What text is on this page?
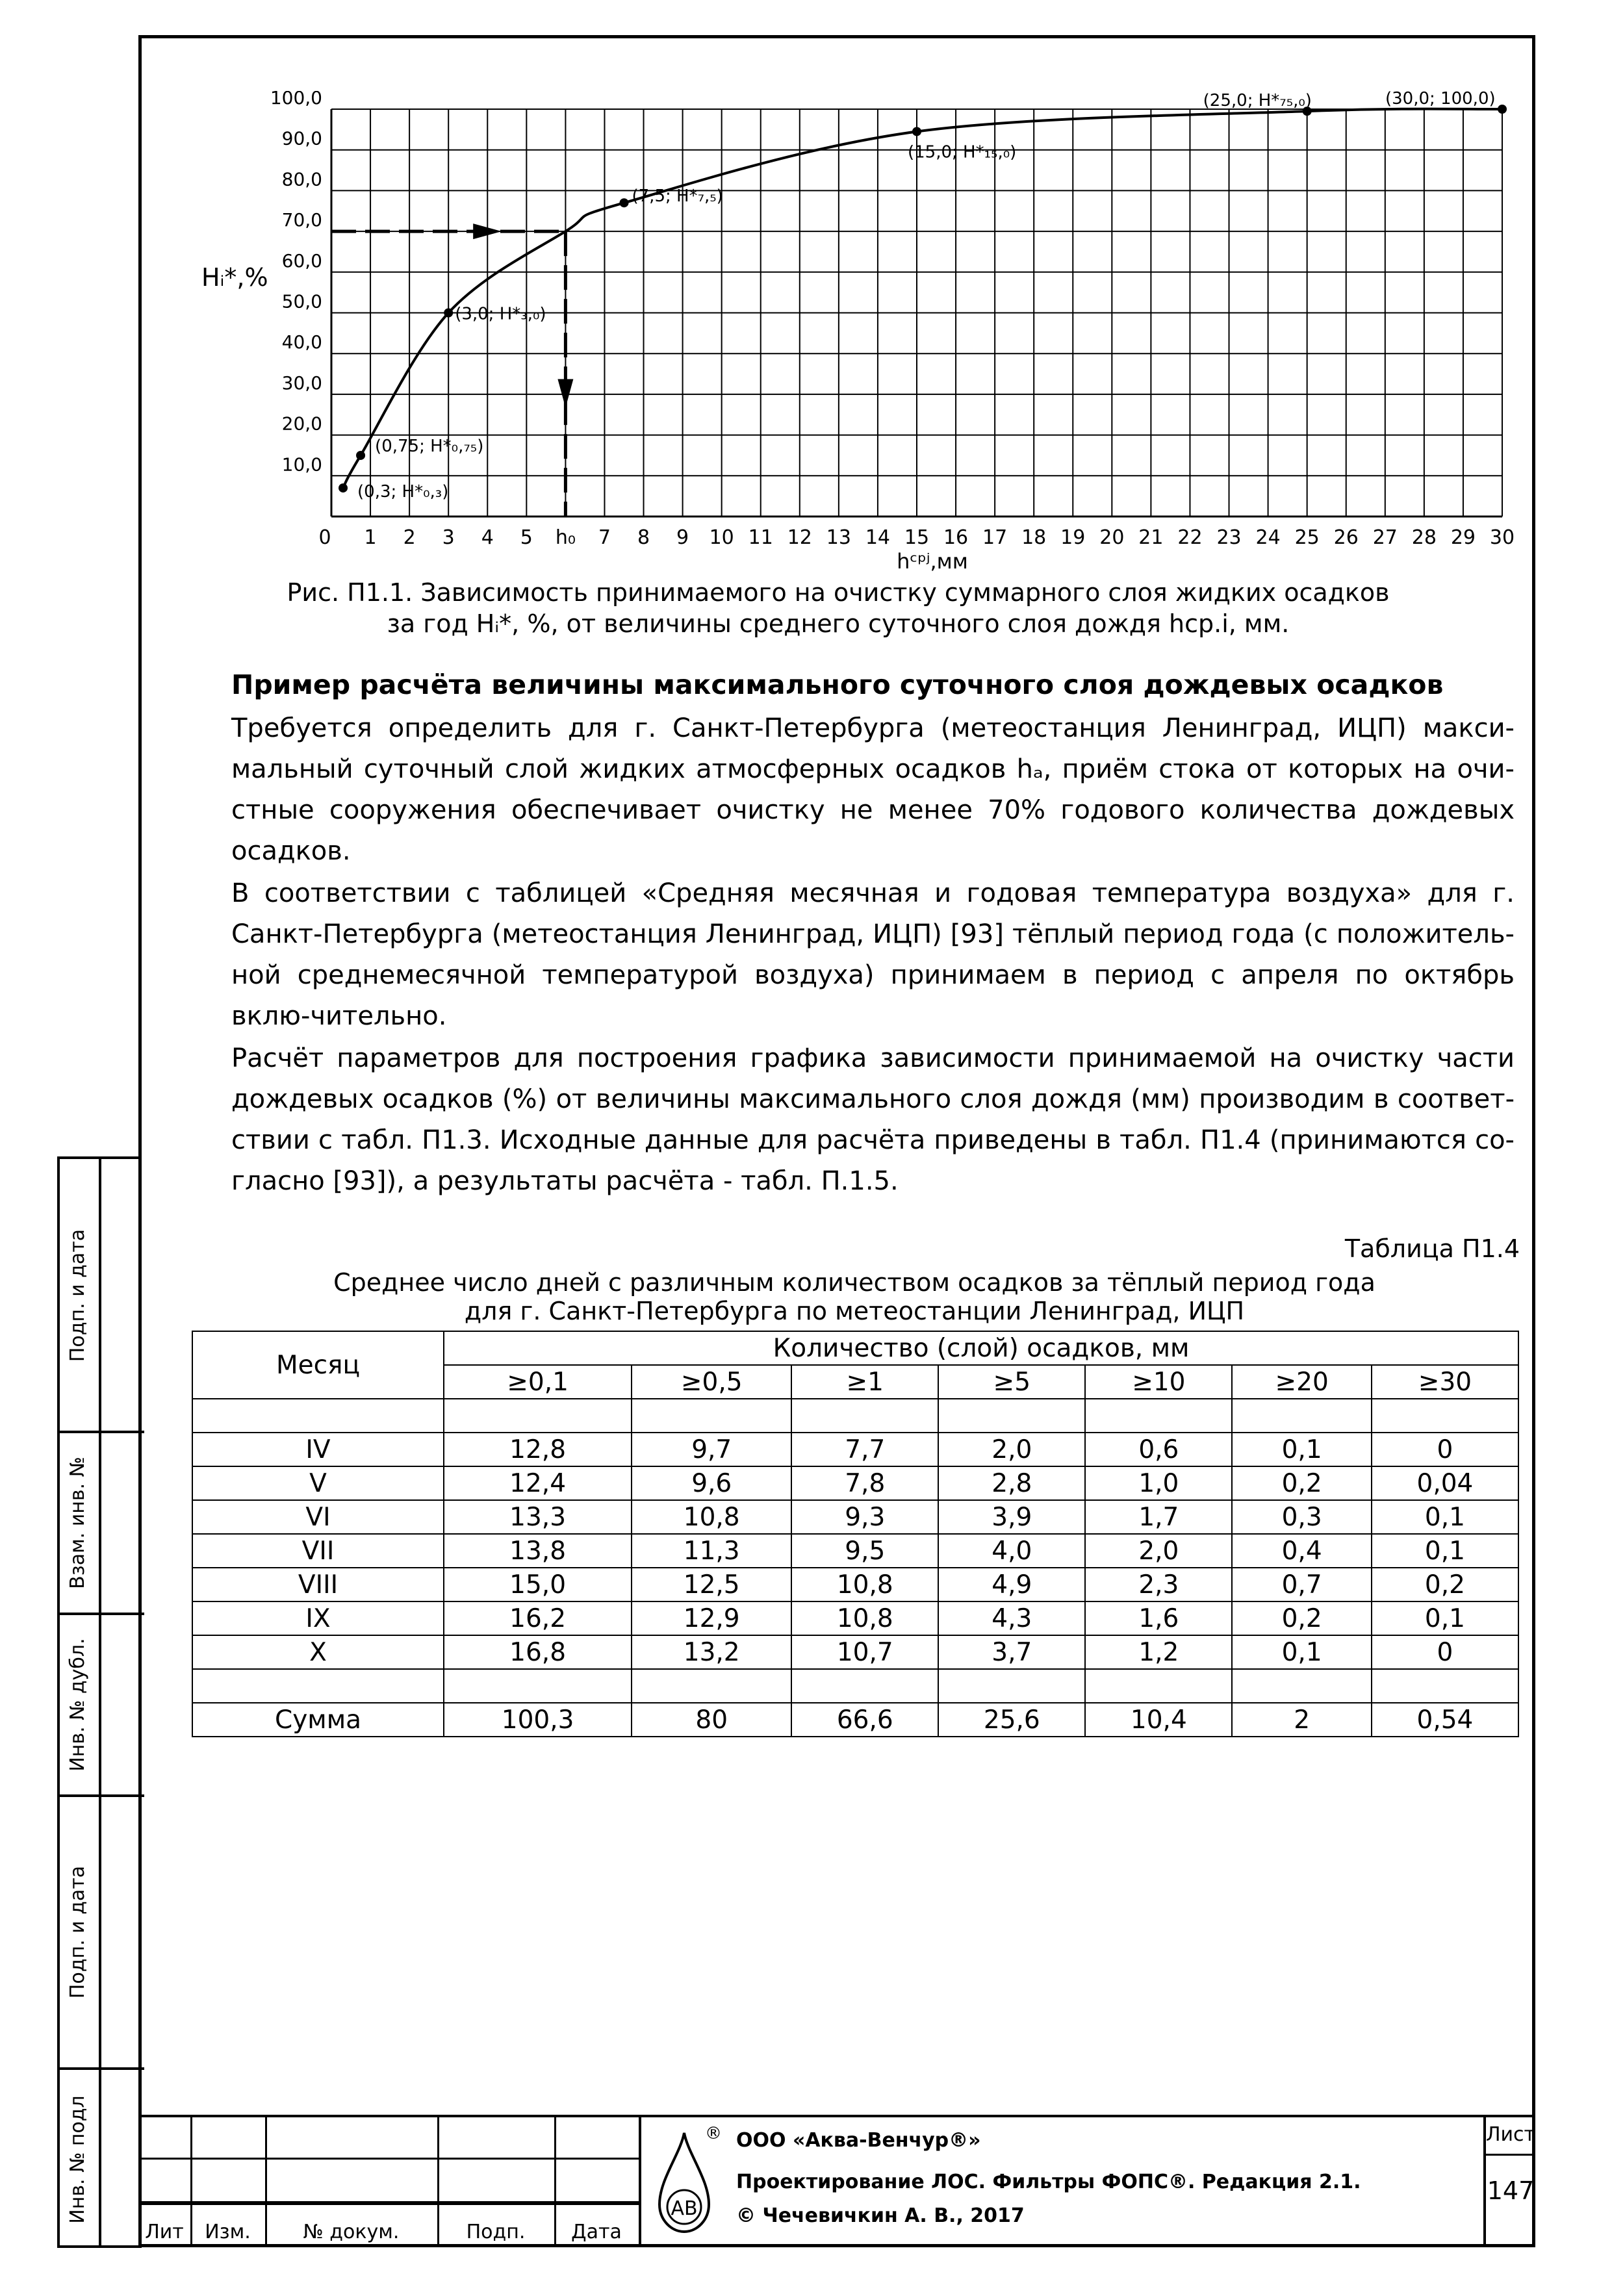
10,0
20,0
30,0
40,0
50,0
60,0
70,0
80,0
90,0
100,0
0 1 2 3 4 5 h₀ 7 8 9 10 11 12 13 14 15 16 17 18 19 20 21 22 23 24 25 26 27 28 29 30
(0,3; H*₀,₃)
(0,75; H*₀,₇₅)
(3,0; H*₃,₀)
(7,5; H*₇,₅)
(15,0; H*₁₅,₀)
(25,0; H*₇₅,₀)	(30,0; 100,0)
Hᵢ*,%
hᶜᵖʲ,мм
Рис. П1.1. Зависимость принимаемого на очистку суммарного слоя жидких осадков
за год Hᵢ*, %, от величины среднего суточного слоя дождя hcp.i, мм.
Пример расчёта величины максимального суточного слоя дождевых осадков
Требуется определить для г. Санкт-Петербурга (метеостанция Ленинград, ИЦП) макси-мальный суточный слой жидких атмосферных осадков hₐ, приём стока от которых на очи-стные сооружения обеспечивает очистку не менее 70% годового количества дождевых осадков.
В соответствии с таблицей «Средняя месячная и годовая температура воздуха» для г. Санкт-Петербурга (метеостанция Ленинград, ИЦП) [93] тёплый период года (с положитель-ной среднемесячной температурой воздуха) принимаем в период с апреля по октябрь вклю-чительно.
Расчёт параметров для построения графика зависимости принимаемой на очистку части дождевых осадков (%) от величины максимального слоя дождя (мм) производим в соответ-ствии с табл. П1.3. Исходные данные для расчёта приведены в табл. П1.4 (принимаются со-гласно [93]), а результаты расчёта - табл. П.1.5.
Таблица П1.4
Среднее число дней с различным количеством осадков за тёплый период года
для г. Санкт-Петербурга по метеостанции Ленинград, ИЦП
Месяц	Количество (слой) осадков, мм						
	≥0,1	≥0,5	≥1	≥5	≥10	≥20	≥30

IV	12,8	9,7	7,7	2,0	0,6	0,1	0
V	12,4	9,6	7,8	2,8	1,0	0,2	0,04
VI	13,3	10,8	9,3	3,9	1,7	0,3	0,1
VII	13,8	11,3	9,5	4,0	2,0	0,4	0,1
VIII	15,0	12,5	10,8	4,9	2,3	0,7	0,2
IX	16,2	12,9	10,8	4,3	1,6	0,2	0,1
X	16,8	13,2	10,7	3,7	1,2	0,1	0

Сумма	100,3	80	66,6	25,6	10,4	2	0,54
Подп. и дата
Взам. инв. №
Инв. № дубл.
Подп. и дата
Инв. № подл
Лит	Изм.	№ докум.	Подп.	Дата
АВ
® ООО «Аква-Венчур®»
Проектирование ЛОС. Фильтры ФОПС®. Редакция 2.1.
© Чечевичкин А. В., 2017
Лист
147
